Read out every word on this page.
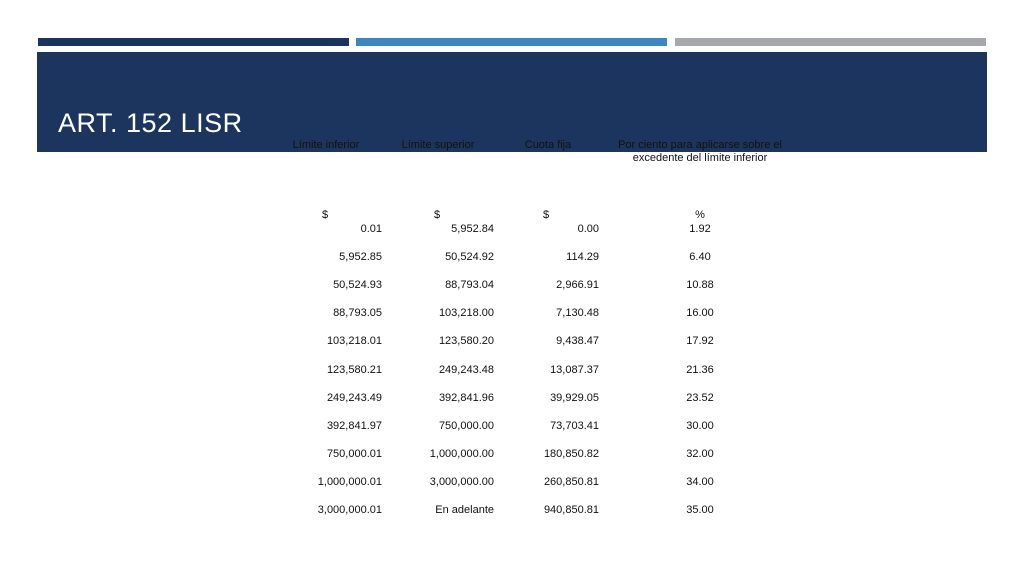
ART. 152 LISR
Límite inferior	Límite superior	Cuota fija	Por ciento para aplicarse sobre el excedente del límite inferior
$	$	$	%
0.01	5,952.84	0.00	1.92
5,952.85	50,524.92	114.29	6.40
50,524.93	88,793.04	2,966.91	10.88
88,793.05	103,218.00	7,130.48	16.00
103,218.01	123,580.20	9,438.47	17.92
123,580.21	249,243.48	13,087.37	21.36
249,243.49	392,841.96	39,929.05	23.52
392,841.97	750,000.00	73,703.41	30.00
750,000.01	1,000,000.00	180,850.82	32.00
1,000,000.01	3,000,000.00	260,850.81	34.00
3,000,000.01	En adelante	940,850.81	35.00
